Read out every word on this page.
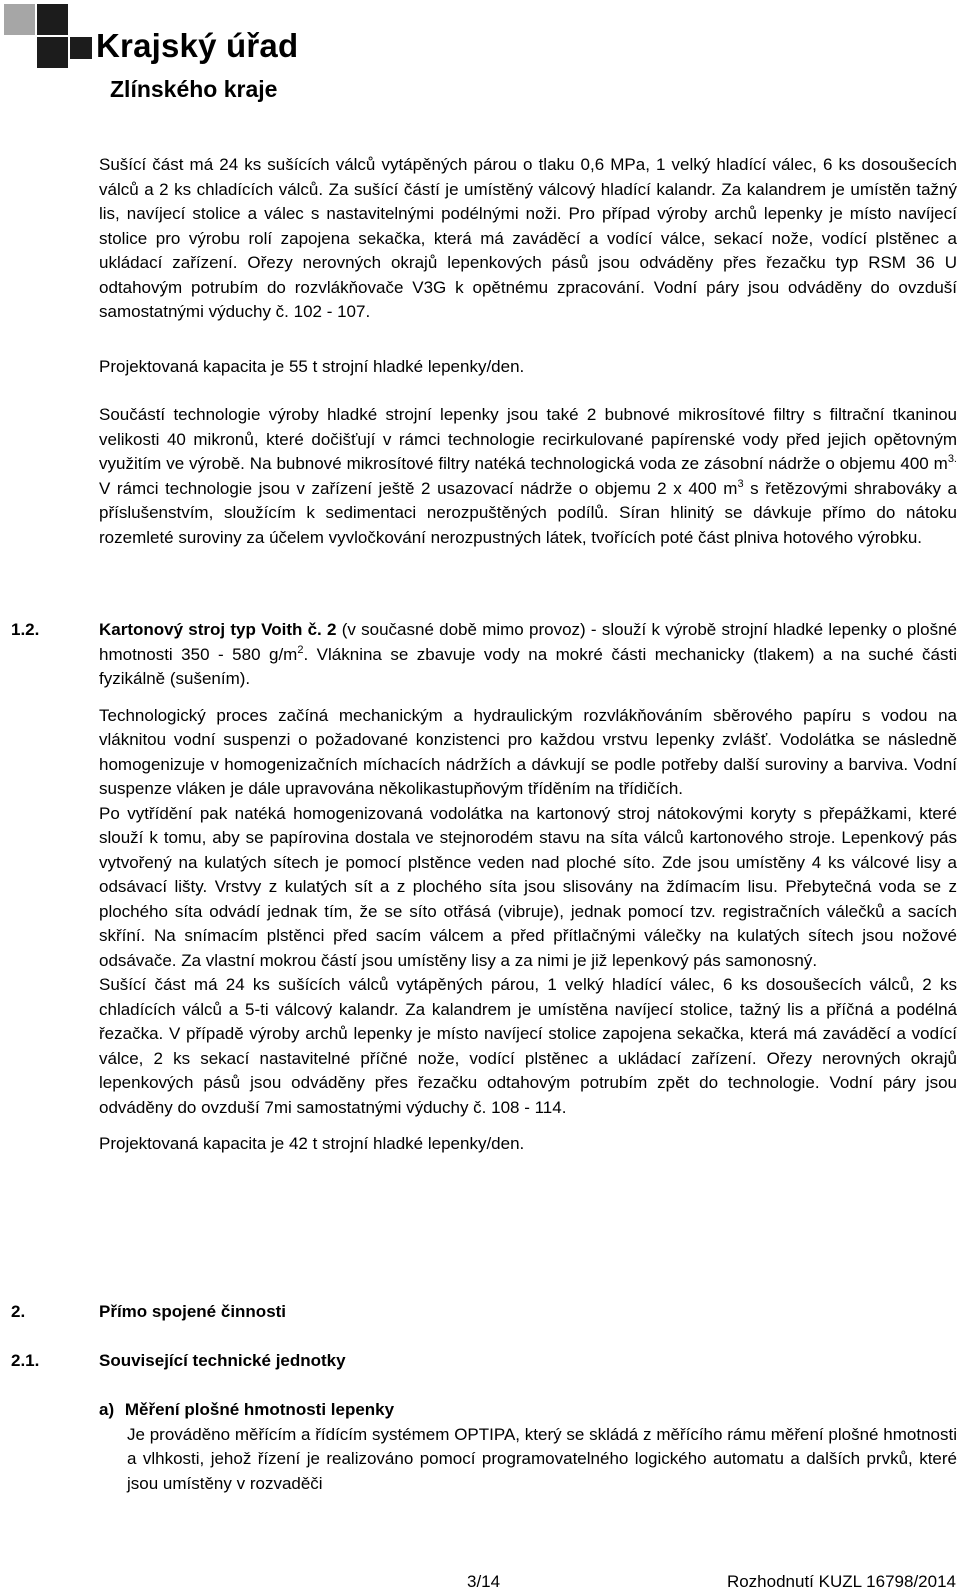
Krajský úřad
Zlínského kraje

Sušící část má 24 ks sušících válců vytápěných párou o tlaku 0,6 MPa, 1 velký hladící válec, 6 ks dosoušecích válců a 2 ks chladících válců. Za sušící částí je umístěný válcový hladící kalandr. Za kalandrem je umístěn tažný lis, navíjecí stolice a válec s nastavitelnými podélnými noži. Pro případ výroby archů lepenky je místo navíjecí stolice pro výrobu rolí zapojena sekačka, která má zaváděcí a vodící válce, sekací nože, vodící plstěnec a ukládací zařízení. Ořezy nerovných okrajů lepenkových pásů jsou odváděny přes řezačku typ RSM 36 U odtahovým potrubím do rozvlákňovače V3G k opětnému zpracování. Vodní páry jsou odváděny do ovzduší samostatnými výduchy č. 102 - 107.

Projektovaná kapacita je 55 t strojní hladké lepenky/den.

Součástí technologie výroby hladké strojní lepenky jsou také 2 bubnové mikrosítové filtry s filtrační tkaninou velikosti 40 mikronů, které dočišťují v rámci technologie recirkulované papírenské vody před jejich opětovným využitím ve výrobě. Na bubnové mikrosítové filtry natéká technologická voda ze zásobní nádrže o objemu 400 $m^{3.}$ V rámci technologie jsou v zařízení ještě 2 usazovací nádrže o objemu 2 x 400 $m^3$ s řetězovými shrabováky a příslušenstvím, sloužícím k sedimentaci nerozpuštěných podílů. Síran hlinitý se dávkuje přímo do nátoku rozemleté suroviny za účelem vyvločkování nerozpustných látek, tvořících poté část plniva hotového výrobku.

1.2.	Kartonový stroj typ Voith č. 2 (v současné době mimo provoz) - slouží k výrobě strojní hladké lepenky o plošné hmotnosti 350 - 580 $g/m^2$. Vláknina se zbavuje vody na mokré části mechanicky (tlakem) a na suché části fyzikálně (sušením).

Technologický proces začíná mechanickým a hydraulickým rozvlákňováním sběrového papíru s vodou na vláknitou vodní suspenzi o požadované konzistenci pro každou vrstvu lepenky zvlášť. Vodolátka se následně homogenizuje v homogenizačních míchacích nádržích a dávkují se podle potřeby další suroviny a barviva. Vodní suspenze vláken je dále upravována několikastupňovým tříděním na třídičích.

Po vytřídění pak natéká homogenizovaná vodolátka na kartonový stroj nátokovými koryty s přepážkami, které slouží k tomu, aby se papírovina dostala ve stejnorodém stavu na síta válců kartonového stroje. Lepenkový pás vytvořený na kulatých sítech je pomocí plstěnce veden nad ploché síto. Zde jsou umístěny 4 ks válcové lisy a odsávací lišty. Vrstvy z kulatých sít a z plochého síta jsou slisovány na ždímacím lisu. Přebytečná voda se z plochého síta odvádí jednak tím, že se síto otřásá (vibruje), jednak pomocí tzv. registračních válečků a sacích skříní. Na snímacím plstěnci před sacím válcem a před přítlačnými válečky na kulatých sítech jsou nožové odsávače. Za vlastní mokrou částí jsou umístěny lisy a za nimi je již lepenkový pás samonosný.

Sušící část má 24 ks sušících válců vytápěných párou, 1 velký hladící válec, 6 ks dosoušecích válců, 2 ks chladících válců a 5-ti válcový kalandr. Za kalandrem je umístěna navíjecí stolice, tažný lis a příčná a podélná řezačka. V případě výroby archů lepenky je místo navíjecí stolice zapojena sekačka, která má zaváděcí a vodící válce, 2 ks sekací nastavitelné příčné nože, vodící plstěnec a ukládací zařízení. Ořezy nerovných okrajů lepenkových pásů jsou odváděny přes řezačku odtahovým potrubím zpět do technologie. Vodní páry jsou odváděny do ovzduší 7mi samostatnými výduchy č. 108 - 114.

Projektovaná kapacita je 42 t strojní hladké lepenky/den.

2.	Přímo spojené činnosti
2.1.	Související technické jednotky
a) Měření plošné hmotnosti lepenky
Je prováděno měřícím a řídícím systémem OPTIPA, který se skládá z měřícího rámu měření plošné hmotnosti a vlhkosti, jehož řízení je realizováno pomocí programovatelného logického automatu a dalších prvků, které jsou umístěny v rozvaděči
3/14	Rozhodnutí KUZL 16798/2014
